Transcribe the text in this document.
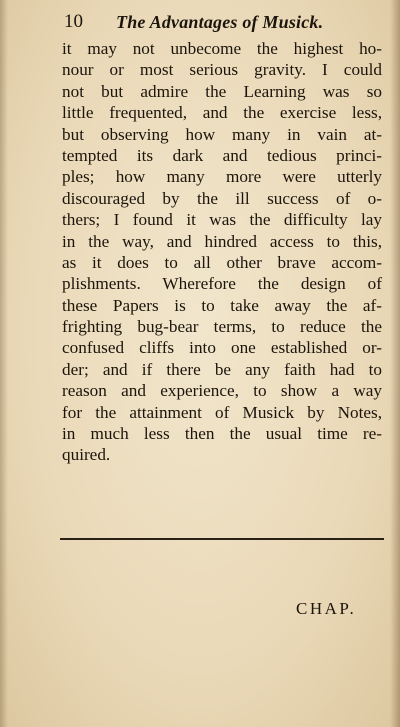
10 The Advantages of Musick.
it may not unbecome the highest ho-
nour or most serious gravity. I could
not but admire the Learning was so
little frequented, and the exercise less,
but observing how many in vain at-
tempted its dark and tedious princi-
ples; how many more were utterly
discouraged by the ill success of o-
thers; I found it was the difficulty lay
in the way, and hindred access to this,
as it does to all other brave accom-
plishments. Wherefore the design of
these Papers is to take away the af-
frighting bug-bear terms, to reduce the
confused cliffs into one established or-
der; and if there be any faith had to
reason and experience, to show a way
for the attainment of Musick by Notes,
in much less then the usual time re-
quired.
CHAP.
